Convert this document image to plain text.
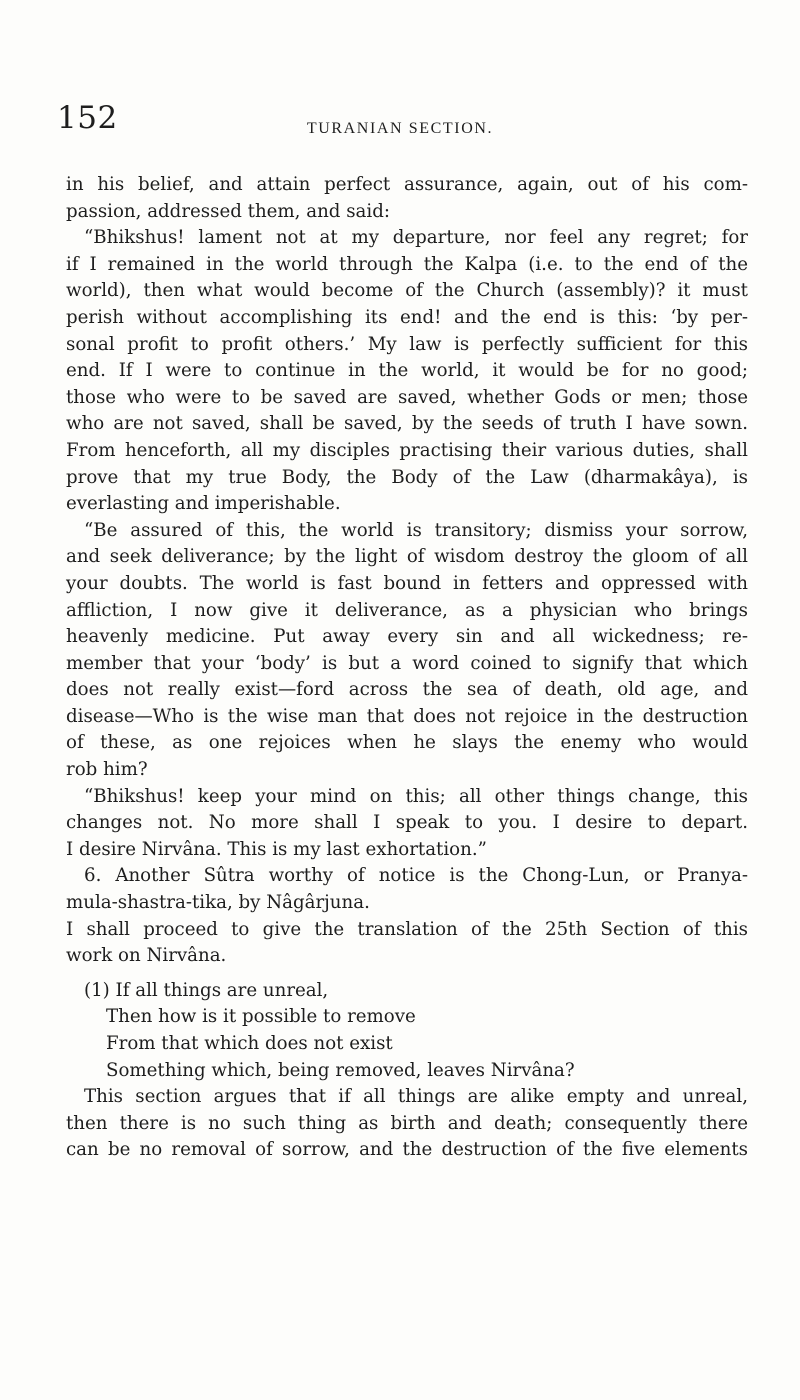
152	TURANIAN SECTION.
in his belief, and attain perfect assurance, again, out of his com-
passion, addressed them, and said:
“Bhikshus! lament not at my departure, nor feel any regret; for
if I remained in the world through the Kalpa (i.e. to the end of the
world), then what would become of the Church (assembly)? it must
perish without accomplishing its end! and the end is this: ‘by per-
sonal profit to profit others.’ My law is perfectly sufficient for this
end. If I were to continue in the world, it would be for no good;
those who were to be saved are saved, whether Gods or men; those
who are not saved, shall be saved, by the seeds of truth I have sown.
From henceforth, all my disciples practising their various duties, shall
prove that my true Body, the Body of the Law (dharmakâya), is
everlasting and imperishable.
“Be assured of this, the world is transitory; dismiss your sorrow,
and seek deliverance; by the light of wisdom destroy the gloom of all
your doubts. The world is fast bound in fetters and oppressed with
affliction, I now give it deliverance, as a physician who brings
heavenly medicine. Put away every sin and all wickedness; re-
member that your ‘body’ is but a word coined to signify that which
does not really exist—ford across the sea of death, old age, and
disease—Who is the wise man that does not rejoice in the destruction
of these, as one rejoices when he slays the enemy who would
rob him?
“Bhikshus! keep your mind on this; all other things change, this
changes not. No more shall I speak to you. I desire to depart.
I desire Nirvâna. This is my last exhortation.”
6. Another Sûtra worthy of notice is the Chong-Lun, or Pranya-
mula-shastra-tika, by Nâgârjuna.
I shall proceed to give the translation of the 25th Section of this
work on Nirvâna.
(1) If all things are unreal,
Then how is it possible to remove
From that which does not exist
Something which, being removed, leaves Nirvâna?
This section argues that if all things are alike empty and unreal,
then there is no such thing as birth and death; consequently there
can be no removal of sorrow, and the destruction of the five elements
